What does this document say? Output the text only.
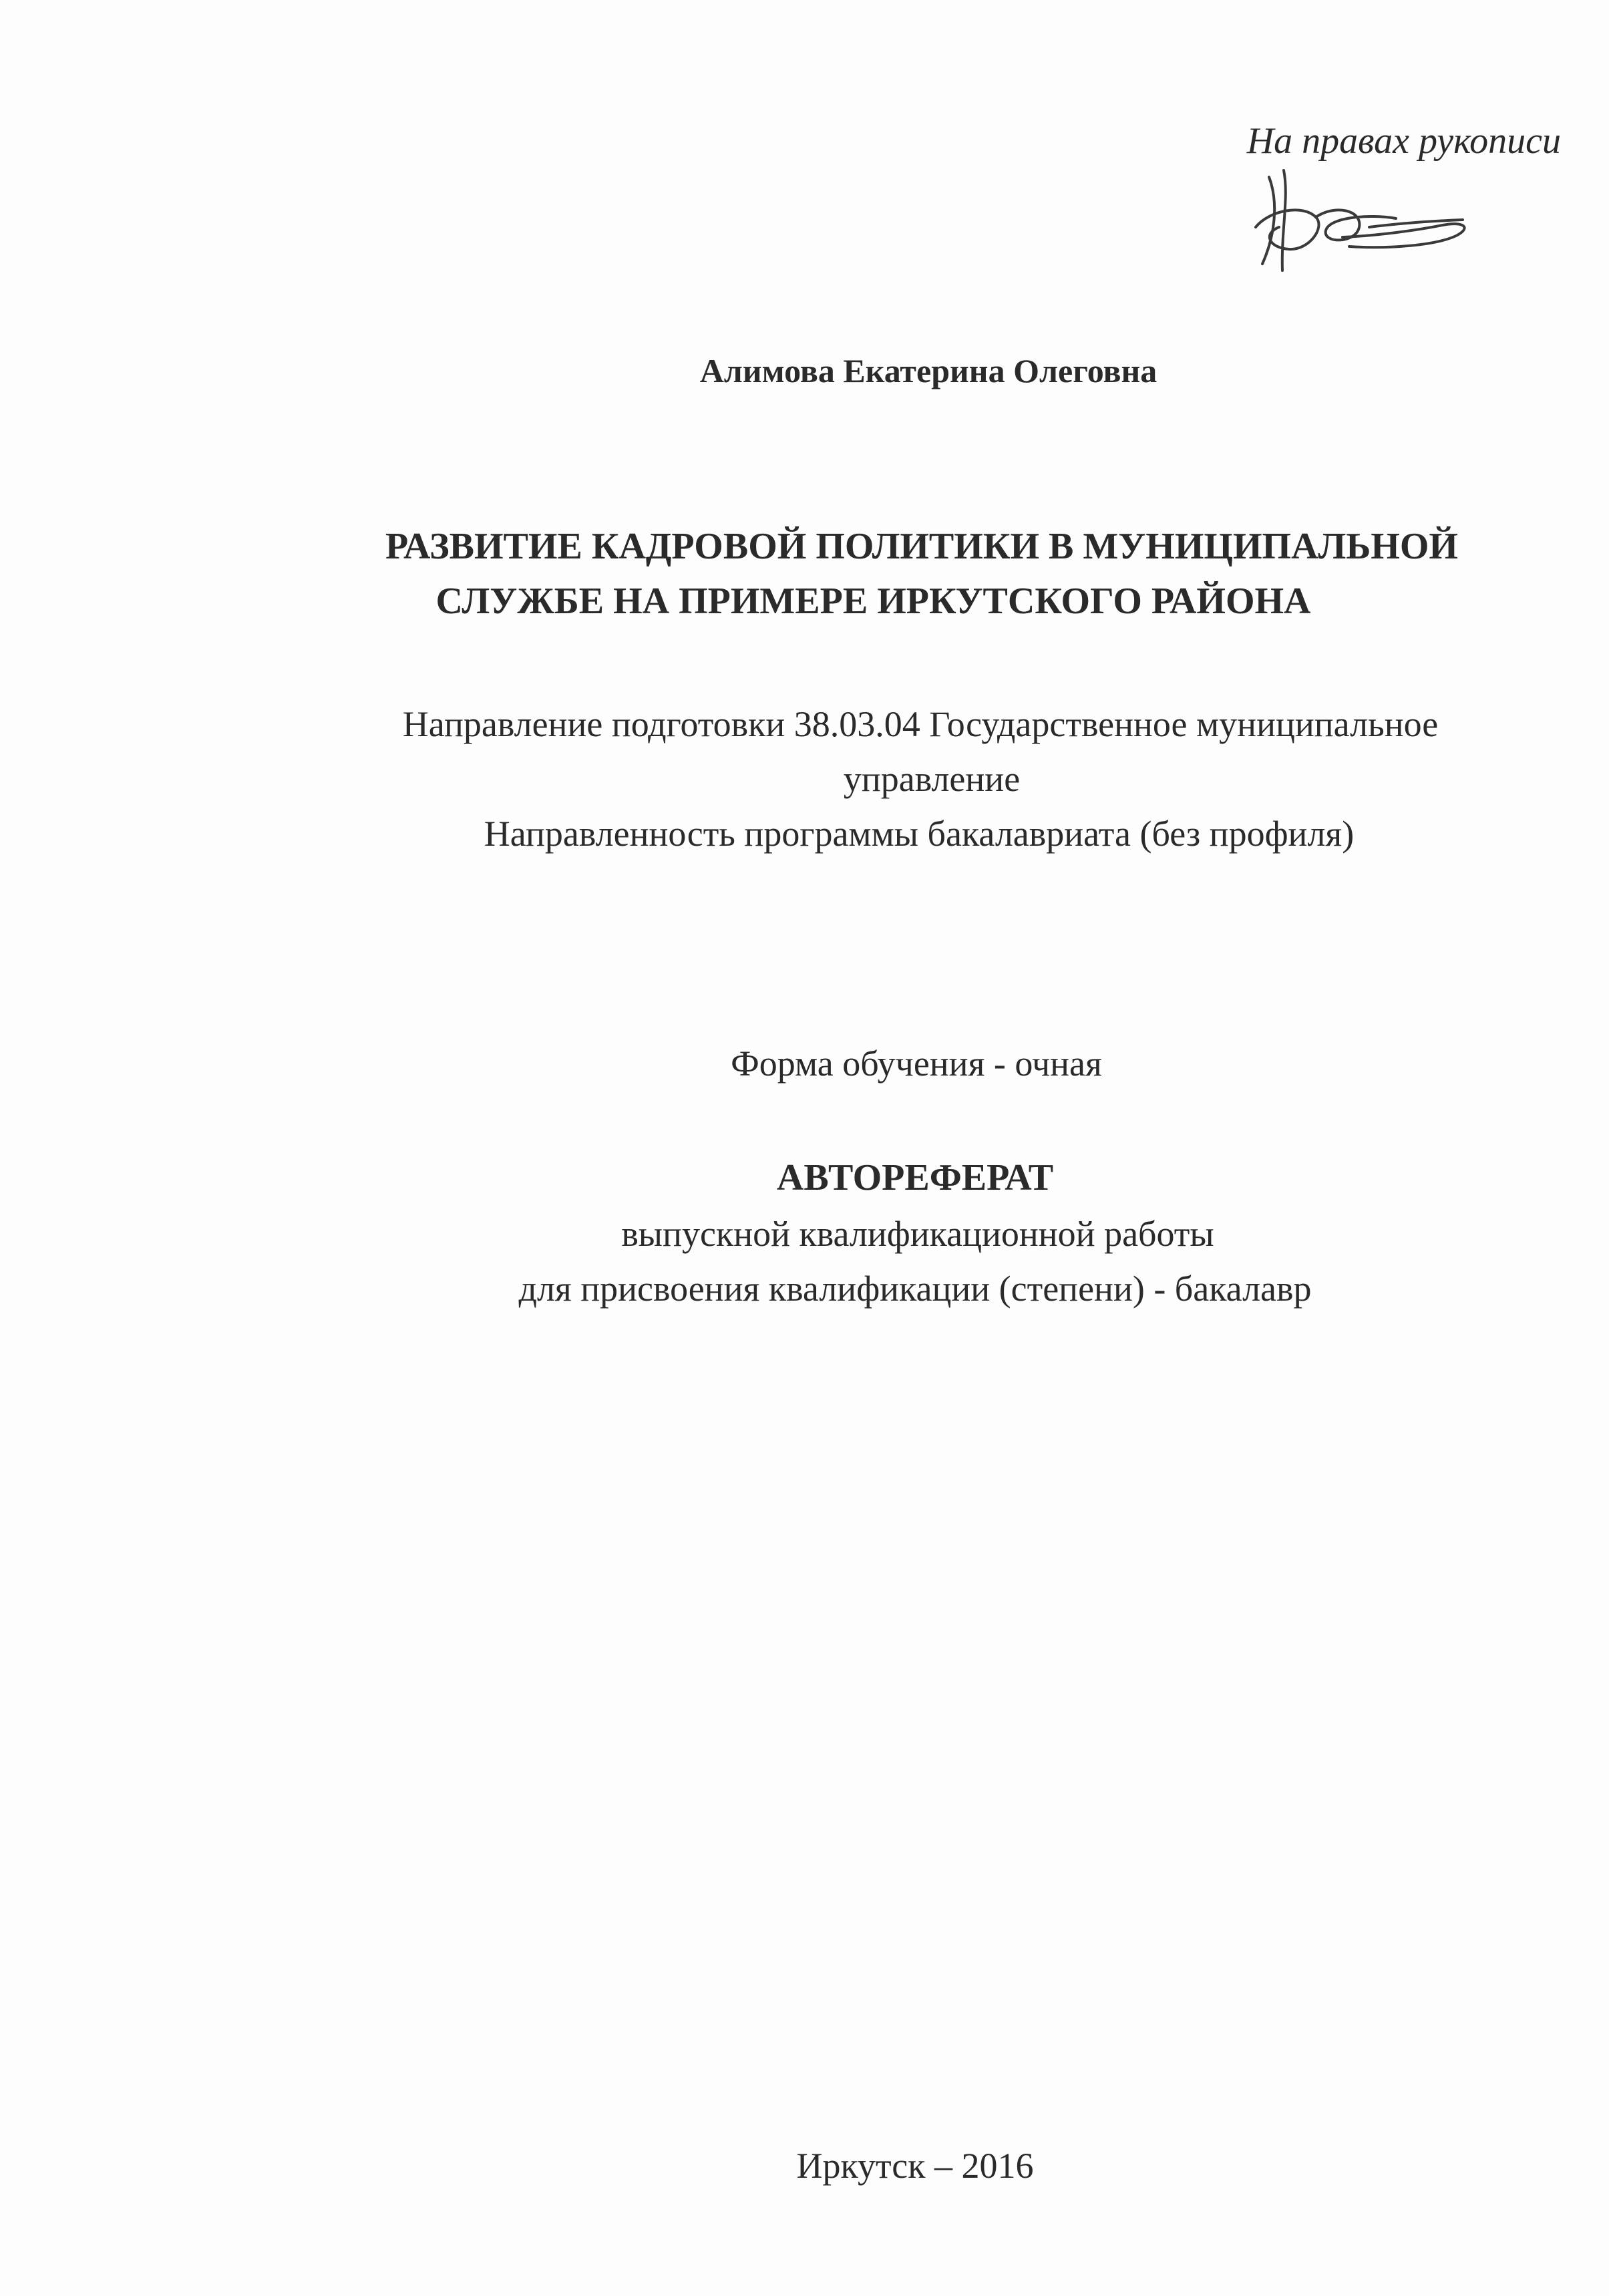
На правах рукописи
Алимова Екатерина Олеговна
РАЗВИТИЕ КАДРОВОЙ ПОЛИТИКИ В МУНИЦИПАЛЬНОЙ
СЛУЖБЕ НА ПРИМЕРЕ ИРКУТСКОГО РАЙОНА
Направление подготовки 38.03.04 Государственное муниципальное
управление
Направленность программы бакалавриата (без профиля)
Форма обучения - очная
АВТОРЕФЕРАТ
выпускной квалификационной работы
для присвоения квалификации (степени) - бакалавр
Иркутск – 2016
